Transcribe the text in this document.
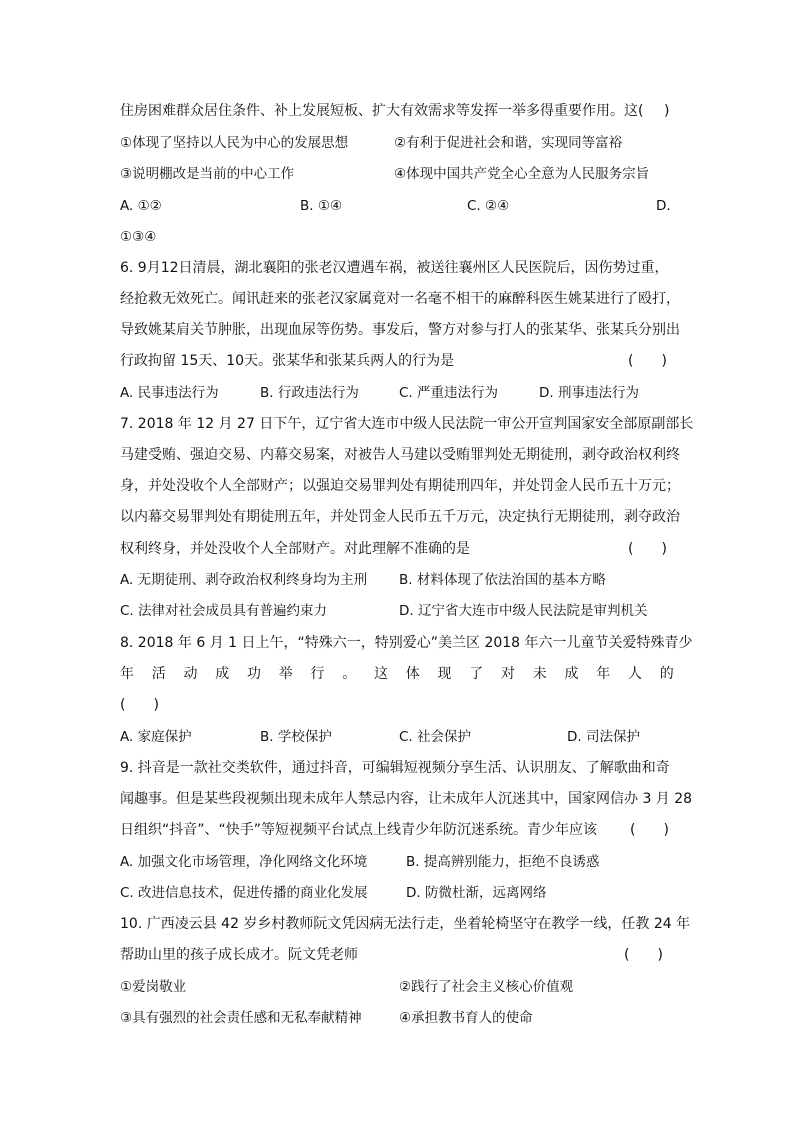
住房困难群众居住条件、补上发展短板、扩大有效需求等发挥一举多得重要作用。这(	)
①体现了坚持以人民为中心的发展思想	②有利于促进社会和谐，实现同等富裕
③说明棚改是当前的中心工作	④体现中国共产党全心全意为人民服务宗旨
A. ①②	B. ①④	C. ②④	D.
①③④
6. 9月12日清晨，湖北襄阳的张老汉遭遇车祸，被送往襄州区人民医院后，因伤势过重，
经抢救无效死亡。闻讯赶来的张老汉家属竟对一名毫不相干的麻醉科医生姚某进行了殴打，
导致姚某肩关节肿胀，出现血尿等伤势。事发后，警方对参与打人的张某华、张某兵分别出
行政拘留 15天、10天。张某华和张某兵两人的行为是	(　　)
A. 民事违法行为	B. 行政违法行为	C. 严重违法行为	D. 刑事违法行为
7. 2018 年 12 月 27 日下午，辽宁省大连市中级人民法院一审公开宣判国家安全部原副部长
马建受贿、强迫交易、内幕交易案，对被告人马建以受贿罪判处无期徒刑，剥夺政治权利终
身，并处没收个人全部财产；以强迫交易罪判处有期徒刑四年，并处罚金人民币五十万元；
以内幕交易罪判处有期徒刑五年，并处罚金人民币五千万元，决定执行无期徒刑，剥夺政治
权利终身，并处没收个人全部财产。对此理解不准确的是	(　　)
A. 无期徒刑、剥夺政治权利终身均为主刑 B. 材料体现了依法治国的基本方略
C. 法律对社会成员具有普遍约束力	D. 辽宁省大连市中级人民法院是审判机关
8. 2018 年 6 月 1 日上午，“特殊六一，特别爱心”美兰区 2018 年六一儿童节关爱特殊青少
年 活 动 成 功 举 行 。 这 体 现 了 对 未 成 年 人 的
(　　)
A. 家庭保护	B. 学校保护	C. 社会保护	D. 司法保护
9. 抖音是一款社交类软件，通过抖音，可编辑短视频分享生活、认识朋友、了解歌曲和奇
闻趣事。但是某些段视频出现未成年人禁忌内容，让未成年人沉迷其中，国家网信办 3 月 28
日组织“抖音”、“快手”等短视频平台试点上线青少年防沉迷系统。青少年应该	(　　)
A. 加强文化市场管理，净化网络文化环境	B. 提高辨别能力，拒绝不良诱惑
C. 改进信息技术，促进传播的商业化发展	D. 防微杜渐，远离网络
10. 广西凌云县 42 岁乡村教师阮文凭因病无法行走，坐着轮椅坚守在教学一线，任教 24 年
帮助山里的孩子成长成才。阮文凭老师	(　　)
①爱岗敬业	②践行了社会主义核心价值观
③具有强烈的社会责任感和无私奉献精神	④承担教书育人的使命
